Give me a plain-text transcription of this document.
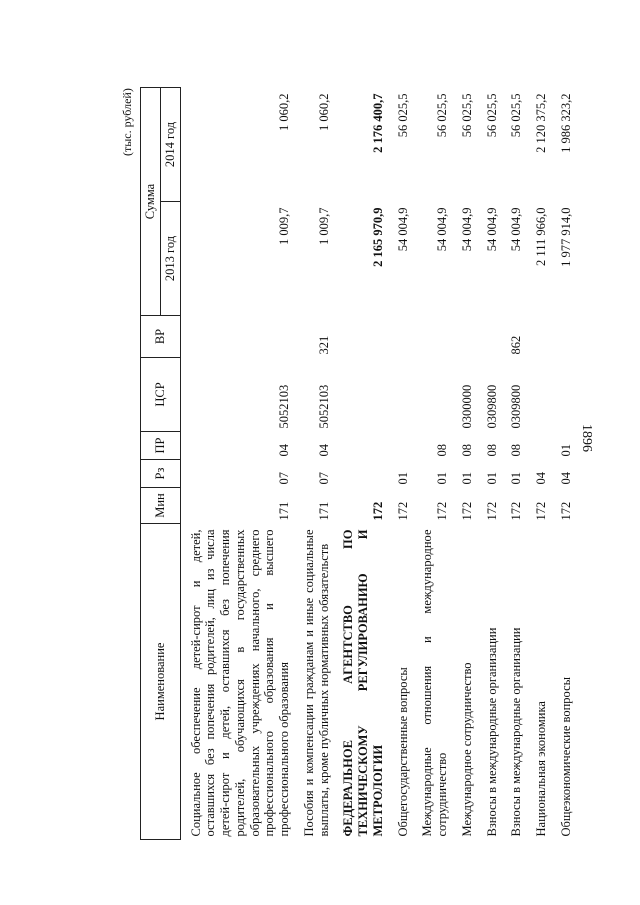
1896
(тыс. рублей)
Наименование	Мин	Рз	ПР	ЦСР	ВР	Сумма	
						2013 год	2014 год
Социальное обеспечение детей-сирот и детей, оставшихся без попечения родителей, лиц из числа детей-сирот и детей, оставшихся без попечения родителей, обучающихся в государственных образовательных учреждениях начального, среднего профессионального образования и высшего профессионального образования	171	07	04	5052103		1 009,7	1 060,2
Пособия и компенсации гражданам и иные социальные выплаты, кроме публичных нормативных обязательств	171	07	04	5052103	321	1 009,7	1 060,2
ФЕДЕРАЛЬНОЕ АГЕНТСТВО ПО ТЕХНИЧЕСКОМУ РЕГУЛИРОВАНИЮ И МЕТРОЛОГИИ	172					2 165 970,9	2 176 400,7
Общегосударственные вопросы	172	01				54 004,9	56 025,5
Международные отношения и международное сотрудничество	172	01	08			54 004,9	56 025,5
Международное сотрудничество	172	01	08	0300000		54 004,9	56 025,5
Взносы в международные организации	172	01	08	0309800		54 004,9	56 025,5
Взносы в международные организации	172	01	08	0309800	862	54 004,9	56 025,5
Национальная экономика	172	04				2 111 966,0	2 120 375,2
Общеэкономические вопросы	172	04	01			1 977 914,0	1 986 323,2
